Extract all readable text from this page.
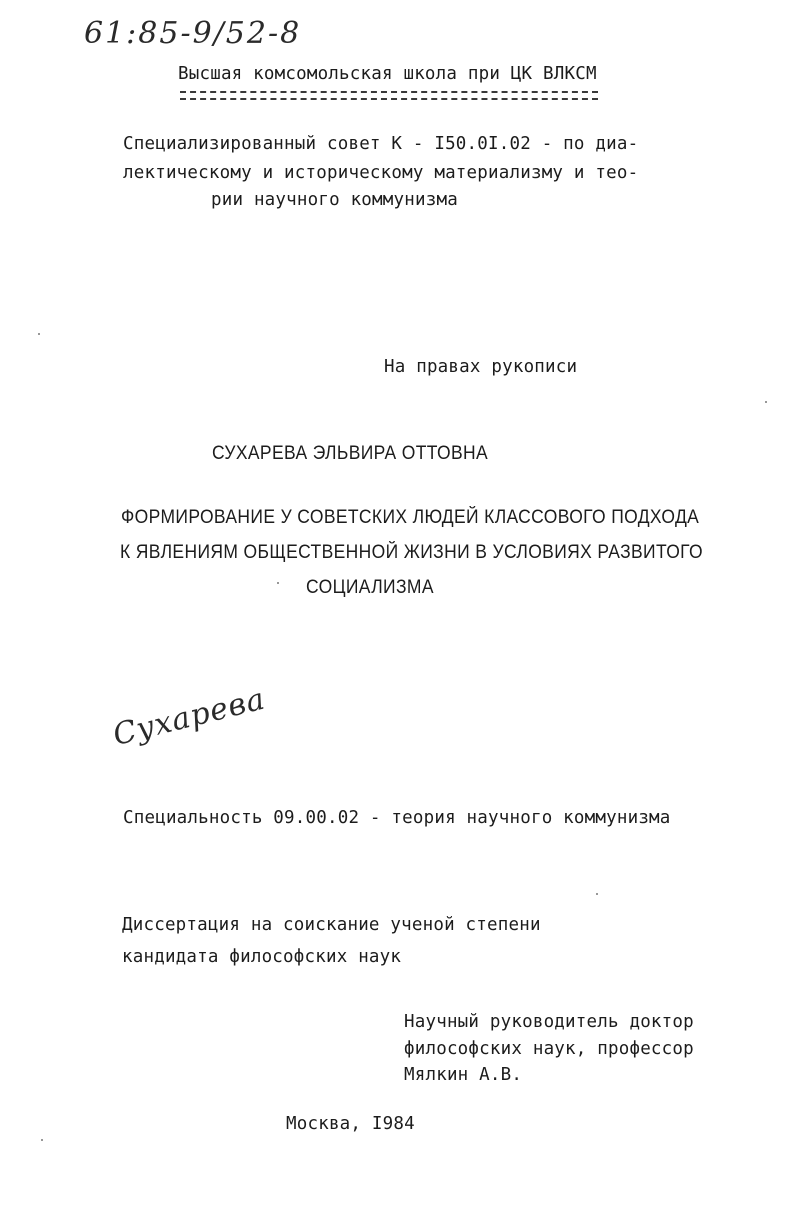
61:85-9/52-8
Высшая комсомольская школа при ЦК ВЛКСМ
Специализированный совет К - I50.0I.02 - по диа-
лектическому и историческому материализму и тео-
рии научного коммунизма
На правах рукописи
СУХАРЕВА ЭЛЬВИРА ОТТОВНА
ФОРМИРОВАНИЕ У СОВЕТСКИХ ЛЮДЕЙ КЛАССОВОГО ПОДХОДА
К ЯВЛЕНИЯМ ОБЩЕСТВЕННОЙ ЖИЗНИ В УСЛОВИЯХ РАЗВИТОГО
СОЦИАЛИЗМА
Сухарева
Специальность 09.00.02 - теория научного коммунизма
Диссертация на соискание ученой степени
кандидата философских наук
Научный руководитель доктор
философских наук, профессор
Мялкин А.В.
Москва, I984
